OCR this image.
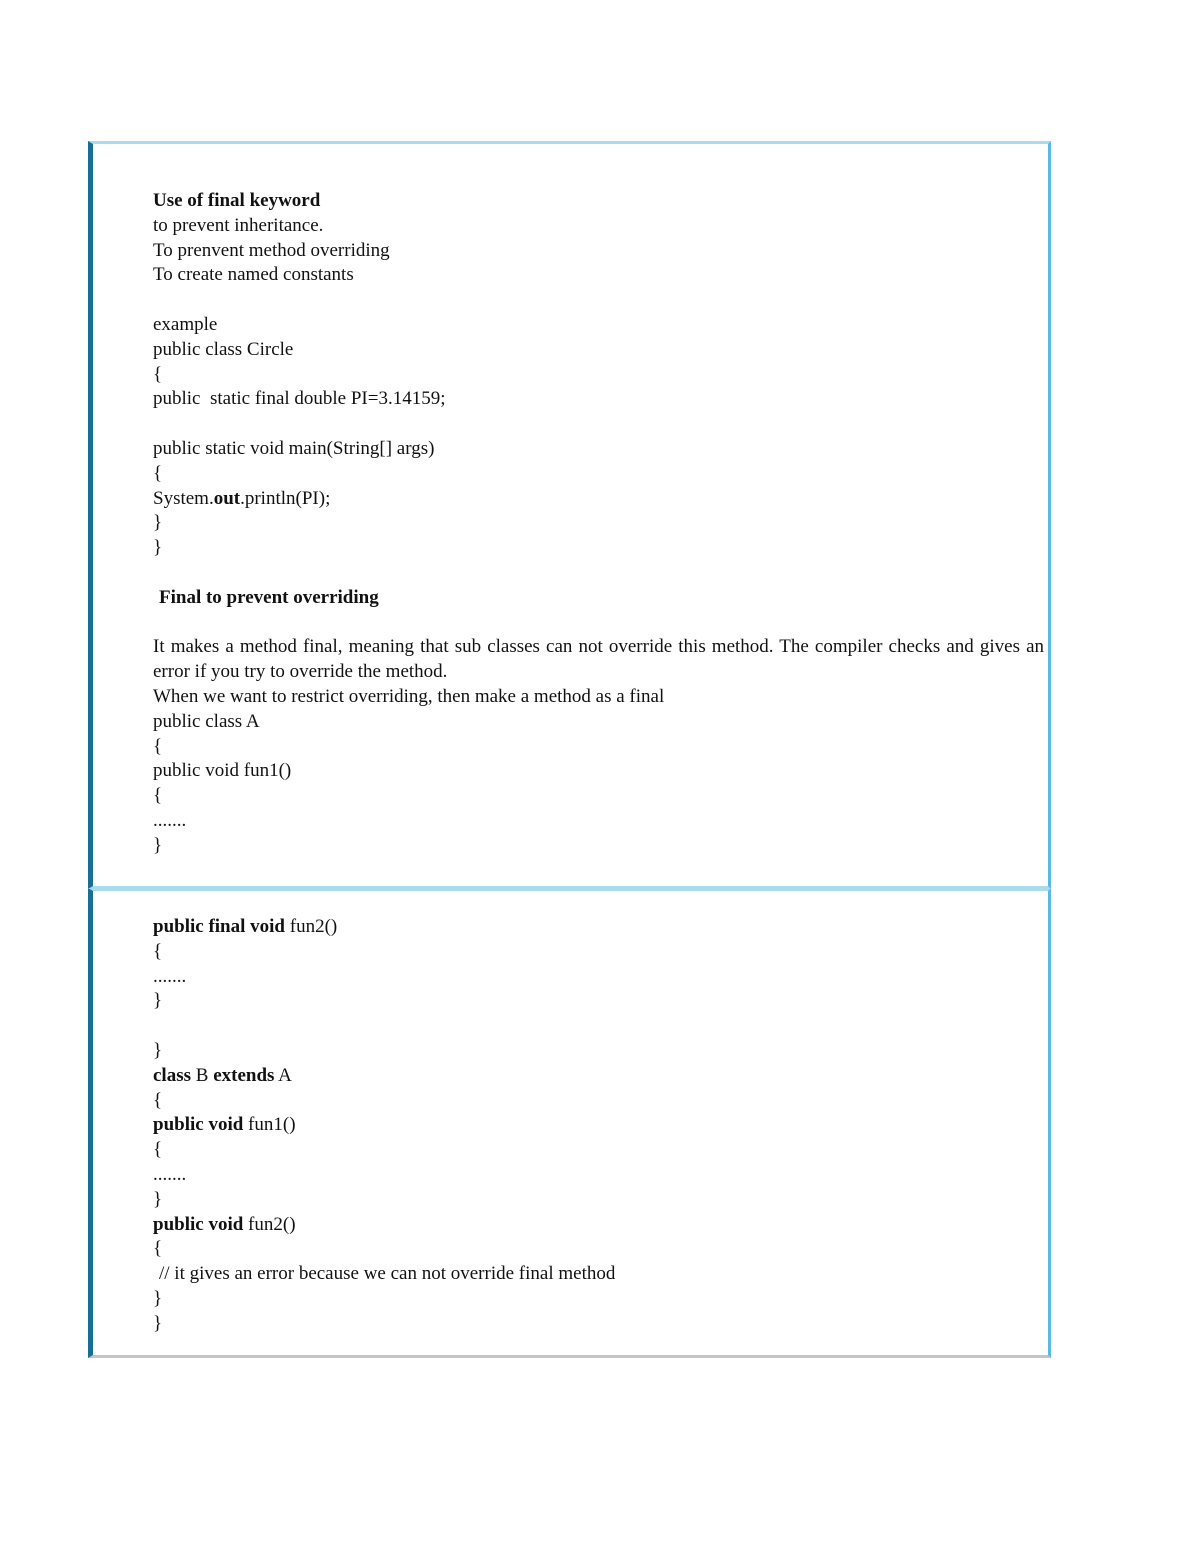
Use of final keyword
to prevent inheritance.
To prenvent method overriding
To create named constants
example
public class Circle
{
public  static final double PI=3.14159;
public static void main(String[] args)
{
System.out.println(PI);
}
}
Final to prevent overriding
It makes a method final, meaning that sub classes can not override this method. The compiler checks and gives an error if you try to override the method.
When we want to restrict overriding, then make a method as a final
public class A
{
public void fun1()
{
.......
}
public final void fun2()
{
.......
}
}
class B extends A
{
public void fun1()
{
.......
}
public void fun2()
{
// it gives an error because we can not override final method
}
}
